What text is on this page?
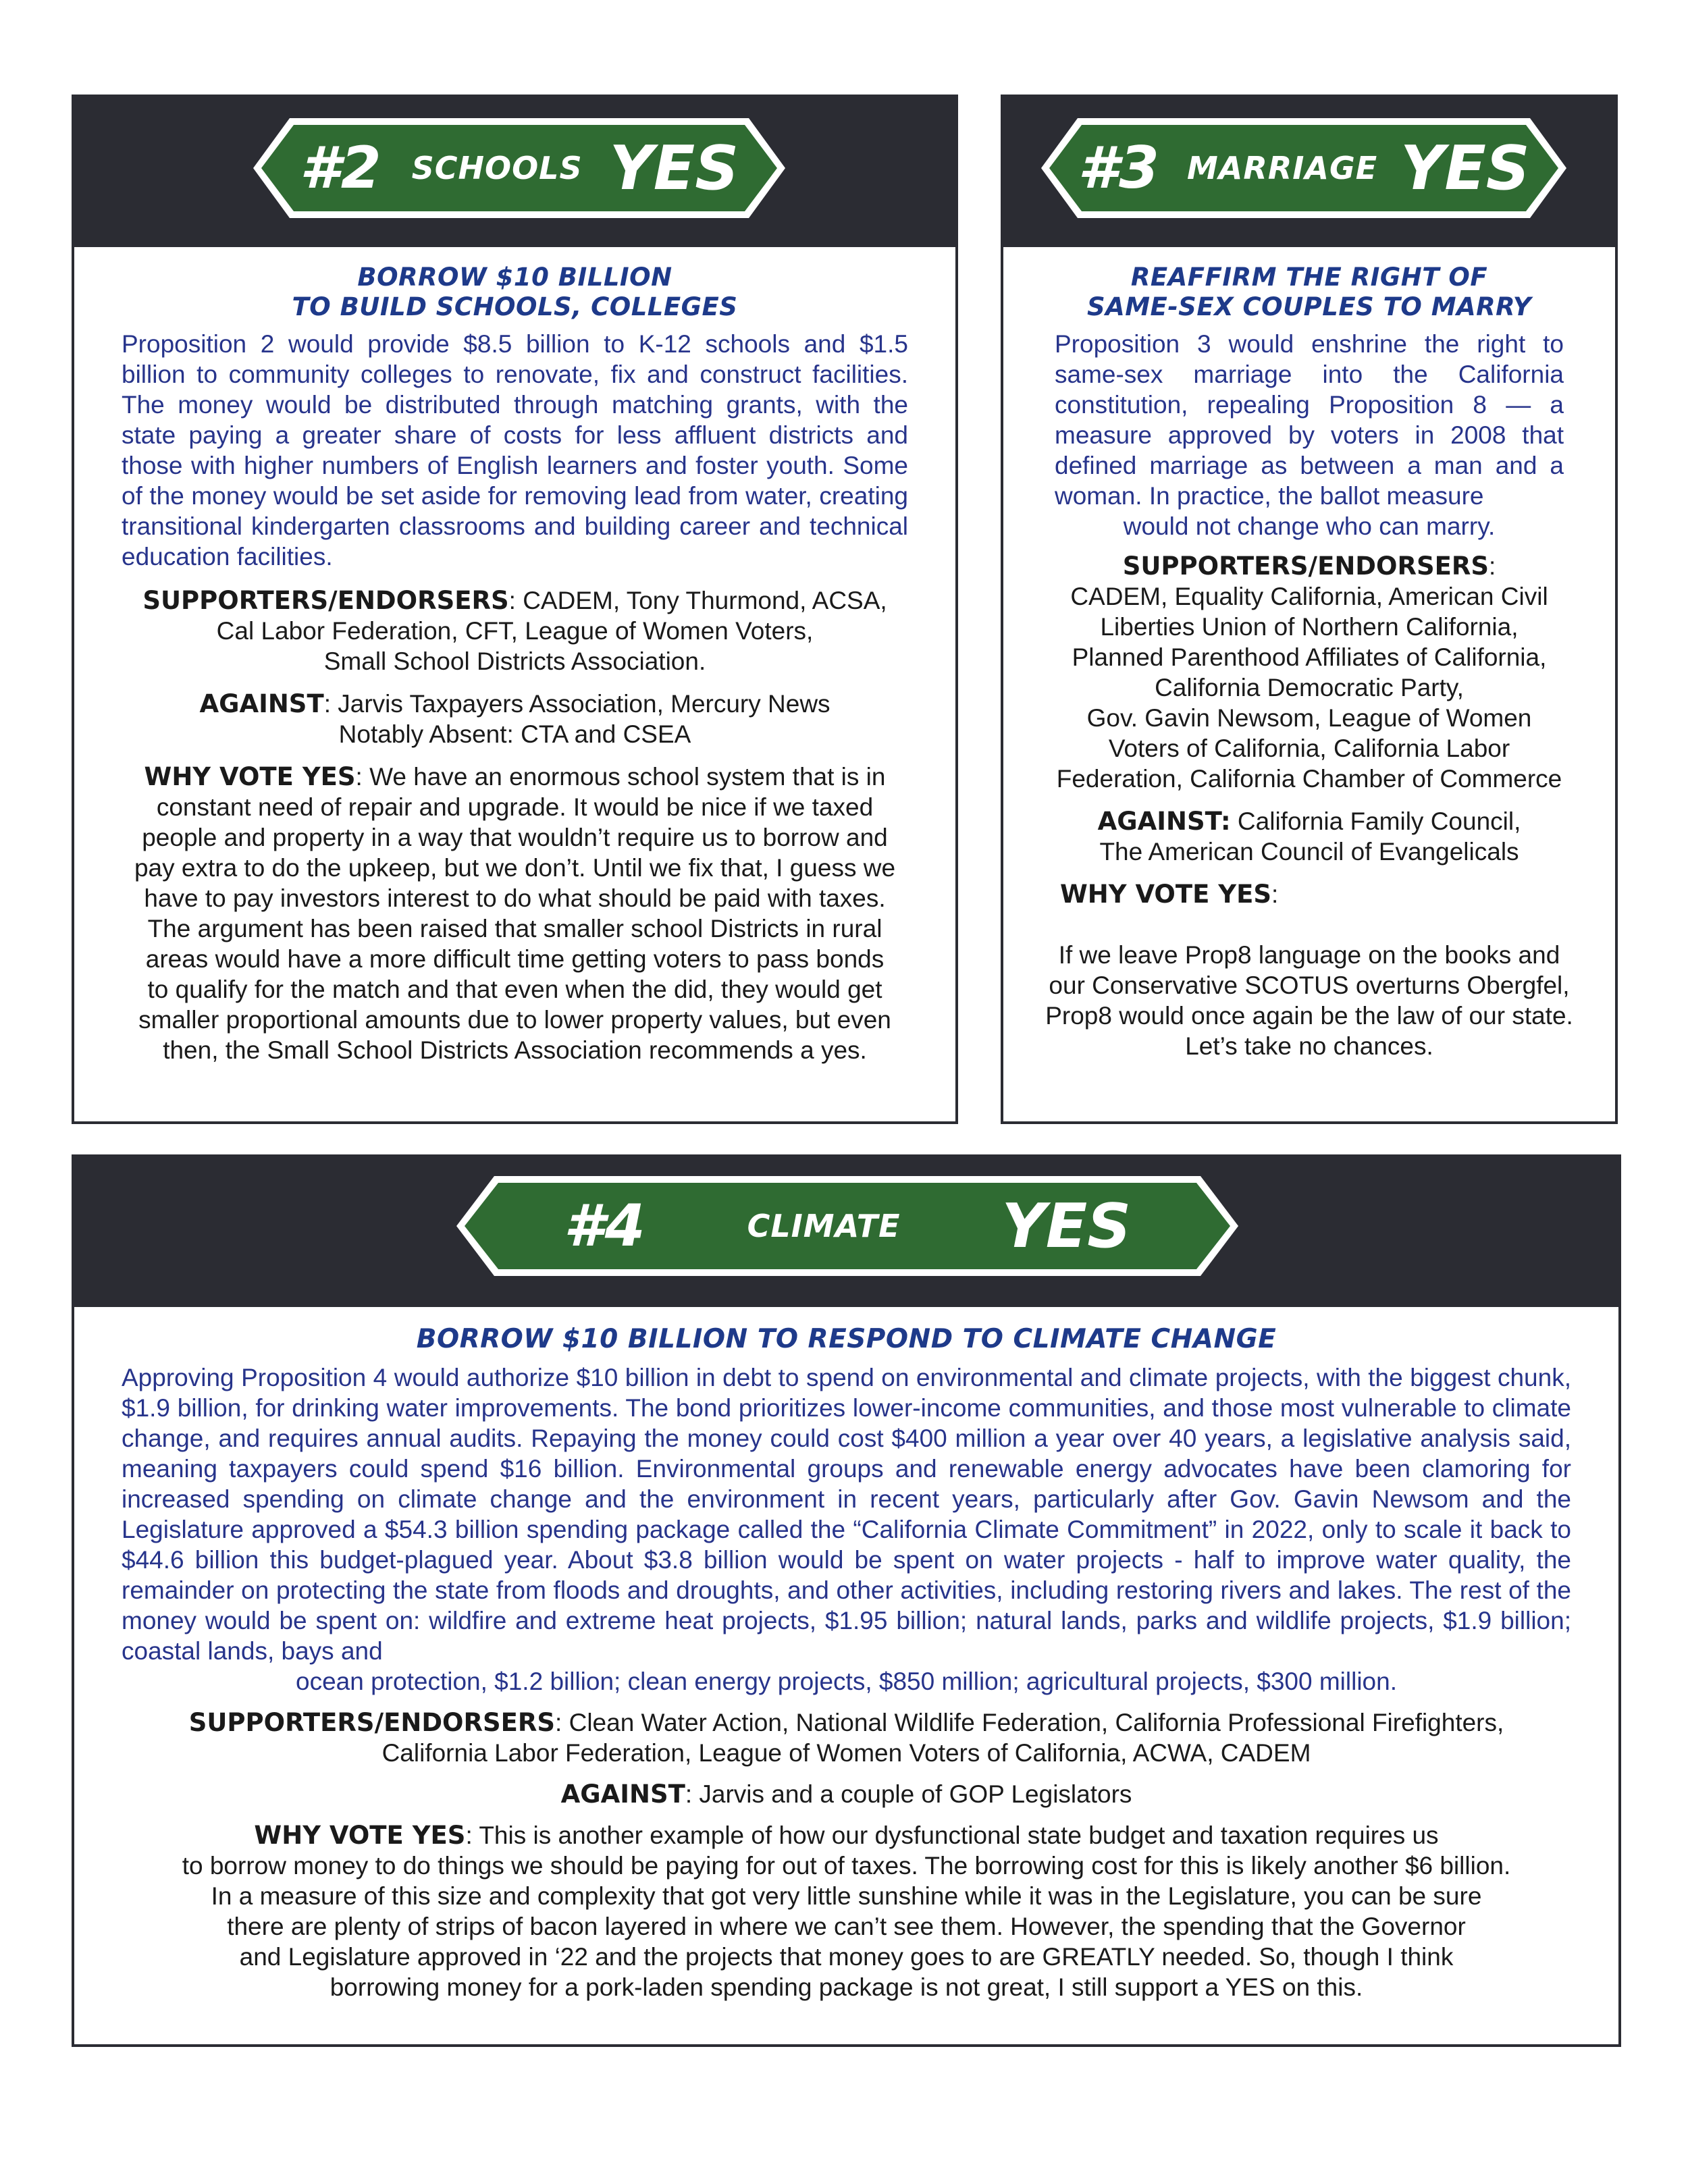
#2 SCHOOLS YES

BORROW $10 BILLION
TO BUILD SCHOOLS, COLLEGES

Proposition 2 would provide $8.5 billion to K-12 schools and $1.5 billion to community colleges to renovate, fix and construct facilities. The money would be distributed through matching grants, with the state paying a greater share of costs for less affluent districts and those with higher numbers of English learners and foster youth. Some of the money would be set aside for removing lead from water, creating transitional kindergarten classrooms and building career and technical education facilities.

SUPPORTERS/ENDORSERS: CADEM, Tony Thurmond, ACSA,
Cal Labor Federation, CFT, League of Women Voters,
Small School Districts Association.

AGAINST: Jarvis Taxpayers Association, Mercury News
Notably Absent: CTA and CSEA

WHY VOTE YES: We have an enormous school system that is in
constant need of repair and upgrade. It would be nice if we taxed
people and property in a way that wouldn’t require us to borrow and
pay extra to do the upkeep, but we don’t. Until we fix that, I guess we
have to pay investors interest to do what should be paid with taxes.
The argument has been raised that smaller school Districts in rural
areas would have a more difficult time getting voters to pass bonds
to qualify for the match and that even when the did, they would get
smaller proportional amounts due to lower property values, but even
then, the Small School Districts Association recommends a yes.

#3 MARRIAGE YES

REAFFIRM THE RIGHT OF
SAME-SEX COUPLES TO MARRY

Proposition 3 would enshrine the right to same-sex marriage into the California constitution, repealing Proposition 8 — a measure approved by voters in 2008 that defined marriage as between a man and a woman. In practice, the ballot measure

would not change who can marry.

SUPPORTERS/ENDORSERS:
CADEM, Equality California, American Civil
Liberties Union of Northern California,
Planned Parenthood Affiliates of California,
California Democratic Party,
Gov. Gavin Newsom, League of Women
Voters of California, California Labor
Federation, California Chamber of Commerce

AGAINST: California Family Council,
The American Council of Evangelicals

WHY VOTE YES:

If we leave Prop8 language on the books and
our Conservative SCOTUS overturns Obergfel,
Prop8 would once again be the law of our state.
Let’s take no chances.

#4	CLIMATE YES

BORROW $10 BILLION TO RESPOND TO CLIMATE CHANGE

Approving Proposition 4 would authorize $10 billion in debt to spend on environmental and climate projects, with the biggest chunk, $1.9 billion, for drinking water improvements. The bond prioritizes lower-income communities, and those most vulnerable to climate change, and requires annual audits. Repaying the money could cost $400 million a year over 40 years, a legislative analysis said, meaning taxpayers could spend $16 billion. Environmental groups and renewable energy advocates have been clamoring for increased spending on climate change and the environment in recent years, particularly after Gov. Gavin Newsom and the Legislature approved a $54.3 billion spending package called the “California Climate Commitment” in 2022, only to scale it back to $44.6 billion this budget-plagued year. About $3.8 billion would be spent on water projects - half to improve water quality, the remainder on protecting the state from floods and droughts, and other activities, including restoring rivers and lakes. The rest of the money would be spent on: wildfire and extreme heat projects, $1.95 billion; natural lands, parks and wildlife projects, $1.9 billion; coastal lands, bays and

ocean protection, $1.2 billion; clean energy projects, $850 million; agricultural projects, $300 million.

SUPPORTERS/ENDORSERS: Clean Water Action, National Wildlife Federation, California Professional Firefighters,
California Labor Federation, League of Women Voters of California, ACWA, CADEM

AGAINST: Jarvis and a couple of GOP Legislators

WHY VOTE YES: This is another example of how our dysfunctional state budget and taxation requires us
to borrow money to do things we should be paying for out of taxes. The borrowing cost for this is likely another $6 billion.
In a measure of this size and complexity that got very little sunshine while it was in the Legislature, you can be sure
there are plenty of strips of bacon layered in where we can’t see them. However, the spending that the Governor
and Legislature approved in ‘22 and the projects that money goes to are GREATLY needed. So, though I think
borrowing money for a pork-laden spending package is not great, I still support a YES on this.
